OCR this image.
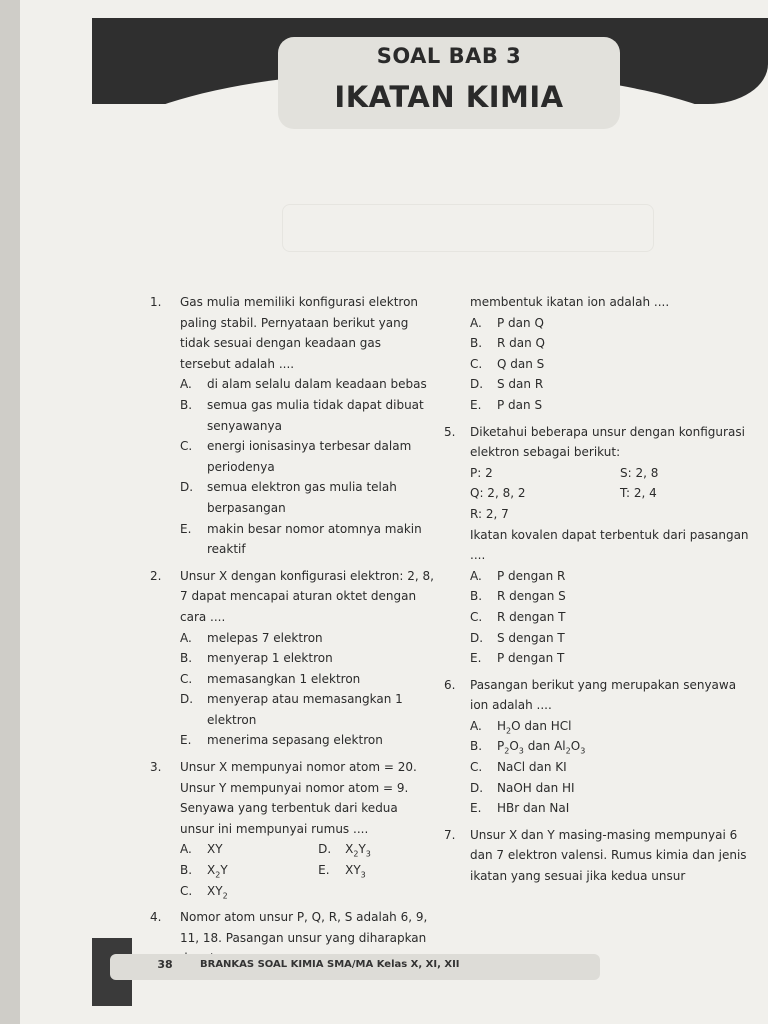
SOAL BAB 3
IKATAN KIMIA
1. Gas mulia memiliki konfigurasi elektron paling stabil. Pernyataan berikut yang tidak sesuai dengan keadaan gas tersebut adalah ....
A. di alam selalu dalam keadaan bebas
B. semua gas mulia tidak dapat dibuat senyawanya
C. energi ionisasinya terbesar dalam periodenya
D. semua elektron gas mulia telah berpasangan
E. makin besar nomor atomnya makin reaktif
2. Unsur X dengan konfigurasi elektron: 2, 8, 7 dapat mencapai aturan oktet dengan cara ....
A. melepas 7 elektron
B. menyerap 1 elektron
C. memasangkan 1 elektron
D. menyerap atau memasangkan 1 elektron
E. menerima sepasang elektron
3. Unsur X mempunyai nomor atom = 20. Unsur Y mempunyai nomor atom = 9. Senyawa yang terbentuk dari kedua unsur ini mempunyai rumus ....
A. XY	D. $X_2Y_3$
B. $X_2Y$	E. $XY_3$
C. $XY_2$
4. Nomor atom unsur P, Q, R, S adalah 6, 9, 11, 18. Pasangan unsur yang diharapkan
membentuk ikatan ion adalah ....
A. P dan Q
B. R dan Q
C. Q dan S
D. S dan R
E. P dan S
5. Diketahui beberapa unsur dengan konfigurasi elektron sebagai berikut:
P: 2	S: 2, 8
Q: 2, 8, 2	T: 2, 4
R: 2, 7
Ikatan kovalen dapat terbentuk dari pasangan ....
A. P dengan R
B. R dengan S
C. R dengan T
D. S dengan T
E. P dengan T
6. Pasangan berikut yang merupakan senyawa ion adalah ....
A. $H_2O$ dan HCl
B. $P_2O_3$ dan $Al_2O_3$
C. NaCl dan KI
D. NaOH dan HI
E. HBr dan NaI
7. Unsur X dan Y masing-masing mempunyai 6 dan 7 elektron valensi. Rumus kimia dan jenis ikatan yang sesuai jika kedua unsur
38	BRANKAS SOAL KIMIA SMA/MA Kelas X, XI, XII
